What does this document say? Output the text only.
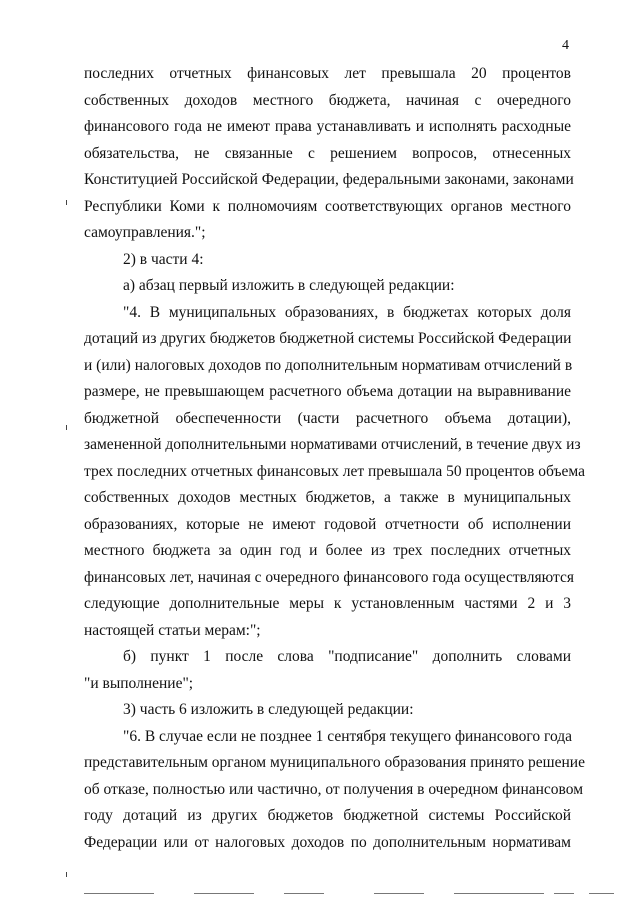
4
последних отчетных финансовых лет превышала 20 процентов
собственных доходов местного бюджета, начиная с очередного
финансового года не имеют права устанавливать и исполнять расходные
обязательства, не связанные с решением вопросов, отнесенных
Конституцией Российской Федерации, федеральными законами, законами
Республики Коми к полномочиям соответствующих органов местного
самоуправления.";
2) в части 4:
а) абзац первый изложить в следующей редакции:
"4. В муниципальных образованиях, в бюджетах которых доля
дотаций из других бюджетов бюджетной системы Российской Федерации
и (или) налоговых доходов по дополнительным нормативам отчислений в
размере, не превышающем расчетного объема дотации на выравнивание
бюджетной обеспеченности (части расчетного объема дотации),
замененной дополнительными нормативами отчислений, в течение двух из
трех последних отчетных финансовых лет превышала 50 процентов объема
собственных доходов местных бюджетов, а также в муниципальных
образованиях, которые не имеют годовой отчетности об исполнении
местного бюджета за один год и более из трех последних отчетных
финансовых лет, начиная с очередного финансового года осуществляются
следующие дополнительные меры к установленным частями 2 и 3
настоящей статьи мерам:";
б) пункт 1 после слова "подписание" дополнить словами
"и выполнение";
3) часть 6 изложить в следующей редакции:
"6. В случае если не позднее 1 сентября текущего финансового года
представительным органом муниципального образования принято решение
об отказе, полностью или частично, от получения в очередном финансовом
году дотаций из других бюджетов бюджетной системы Российской
Федерации или от налоговых доходов по дополнительным нормативам
